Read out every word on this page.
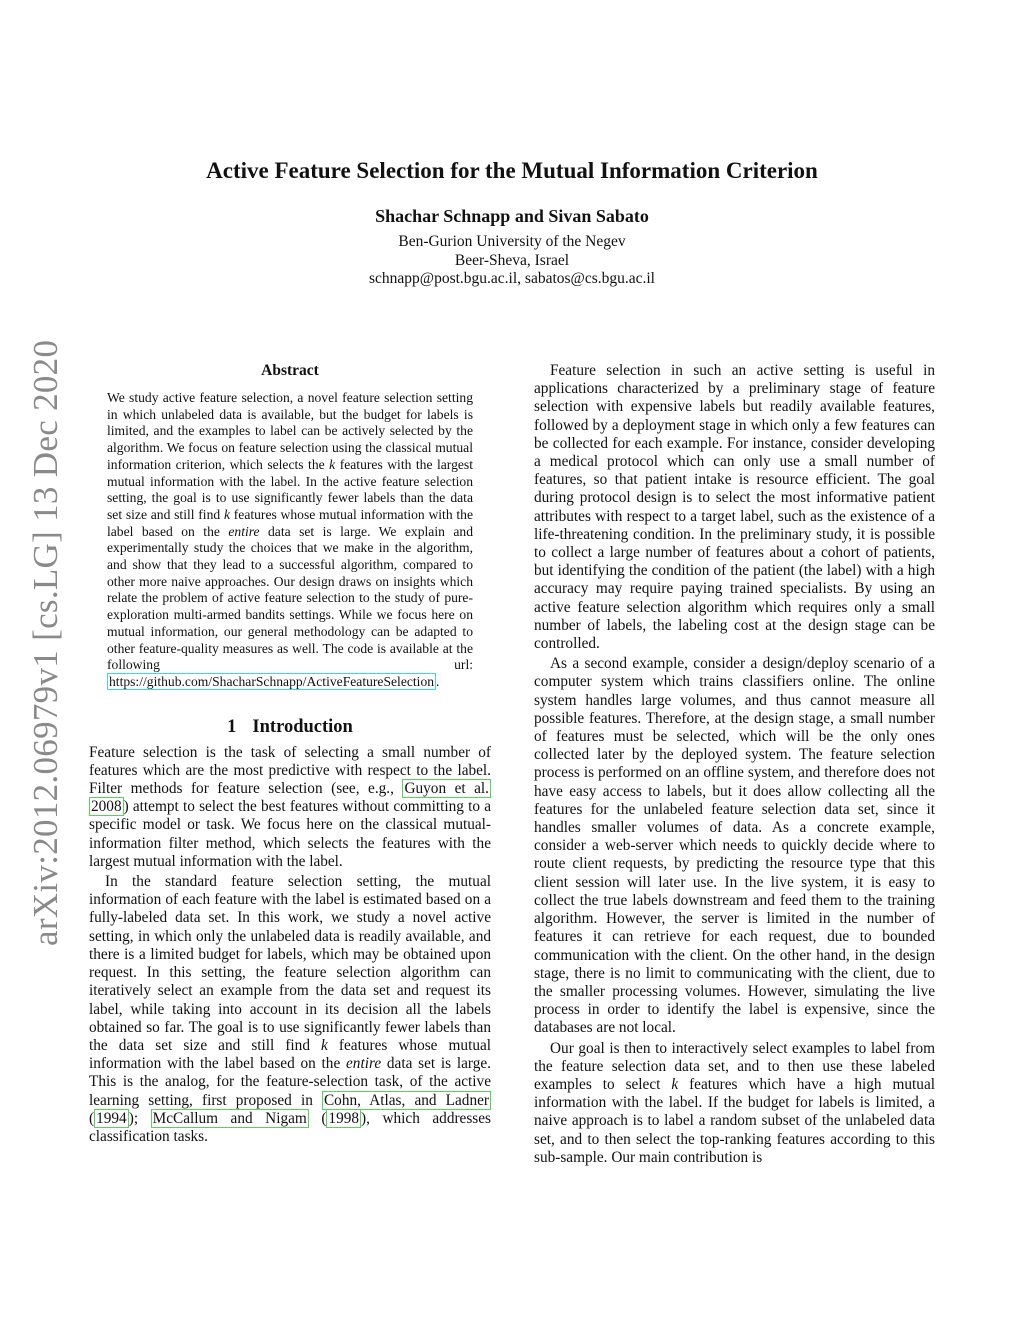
arXiv:2012.06979v1 [cs.LG] 13 Dec 2020
Active Feature Selection for the Mutual Information Criterion
Shachar Schnapp and Sivan Sabato
Ben-Gurion University of the Negev
Beer-Sheva, Israel
schnapp@post.bgu.ac.il, sabatos@cs.bgu.ac.il
Abstract

We study active feature selection, a novel feature selection setting in which unlabeled data is available, but the budget for labels is limited, and the examples to label can be actively selected by the algorithm. We focus on feature selection using the classical mutual information criterion, which selects the k features with the largest mutual information with the label. In the active feature selection setting, the goal is to use significantly fewer labels than the data set size and still find k features whose mutual information with the label based on the entire data set is large. We explain and experimentally study the choices that we make in the algorithm, and show that they lead to a successful algorithm, compared to other more naive approaches. Our design draws on insights which relate the problem of active feature selection to the study of pure-exploration multi-armed bandits settings. While we focus here on mutual information, our general methodology can be adapted to other feature-quality measures as well. The code is available at the following url: https://github.com/ShacharSchnapp/ActiveFeatureSelection .

1 Introduction

Feature selection is the task of selecting a small number of features which are the most predictive with respect to the label. Filter methods for feature selection (see, e.g., Guyon et al. 2008 ) attempt to select the best features without committing to a specific model or task. We focus here on the classical mutual-information filter method, which selects the features with the largest mutual information with the label.

In the standard feature selection setting, the mutual information of each feature with the label is estimated based on a fully-labeled data set. In this work, we study a novel active setting, in which only the unlabeled data is readily available, and there is a limited budget for labels, which may be obtained upon request. In this setting, the feature selection algorithm can iteratively select an example from the data set and request its label, while taking into account in its decision all the labels obtained so far. The goal is to use significantly fewer labels than the data set size and still find k features whose mutual information with the label based on the entire data set is large. This is the analog, for the feature-selection task, of the active learning setting, first proposed in Cohn, Atlas, and Ladner ( 1994 ); McCallum and Nigam ( 1998 ), which addresses classification tasks.

Feature selection in such an active setting is useful in applications characterized by a preliminary stage of feature selection with expensive labels but readily available features, followed by a deployment stage in which only a few features can be collected for each example. For instance, consider developing a medical protocol which can only use a small number of features, so that patient intake is resource efficient. The goal during protocol design is to select the most informative patient attributes with respect to a target label, such as the existence of a life-threatening condition. In the preliminary study, it is possible to collect a large number of features about a cohort of patients, but identifying the condition of the patient (the label) with a high accuracy may require paying trained specialists. By using an active feature selection algorithm which requires only a small number of labels, the labeling cost at the design stage can be controlled.

As a second example, consider a design/deploy scenario of a computer system which trains classifiers online. The online system handles large volumes, and thus cannot measure all possible features. Therefore, at the design stage, a small number of features must be selected, which will be the only ones collected later by the deployed system. The feature selection process is performed on an offline system, and therefore does not have easy access to labels, but it does allow collecting all the features for the unlabeled feature selection data set, since it handles smaller volumes of data. As a concrete example, consider a web-server which needs to quickly decide where to route client requests, by predicting the resource type that this client session will later use. In the live system, it is easy to collect the true labels downstream and feed them to the training algorithm. However, the server is limited in the number of features it can retrieve for each request, due to bounded communication with the client. On the other hand, in the design stage, there is no limit to communicating with the client, due to the smaller processing volumes. However, simulating the live process in order to identify the label is expensive, since the databases are not local.

Our goal is then to interactively select examples to label from the feature selection data set, and to then use these labeled examples to select k features which have a high mutual information with the label. If the budget for labels is limited, a naive approach is to label a random subset of the unlabeled data set, and to then select the top-ranking features according to this sub-sample. Our main contribution is
